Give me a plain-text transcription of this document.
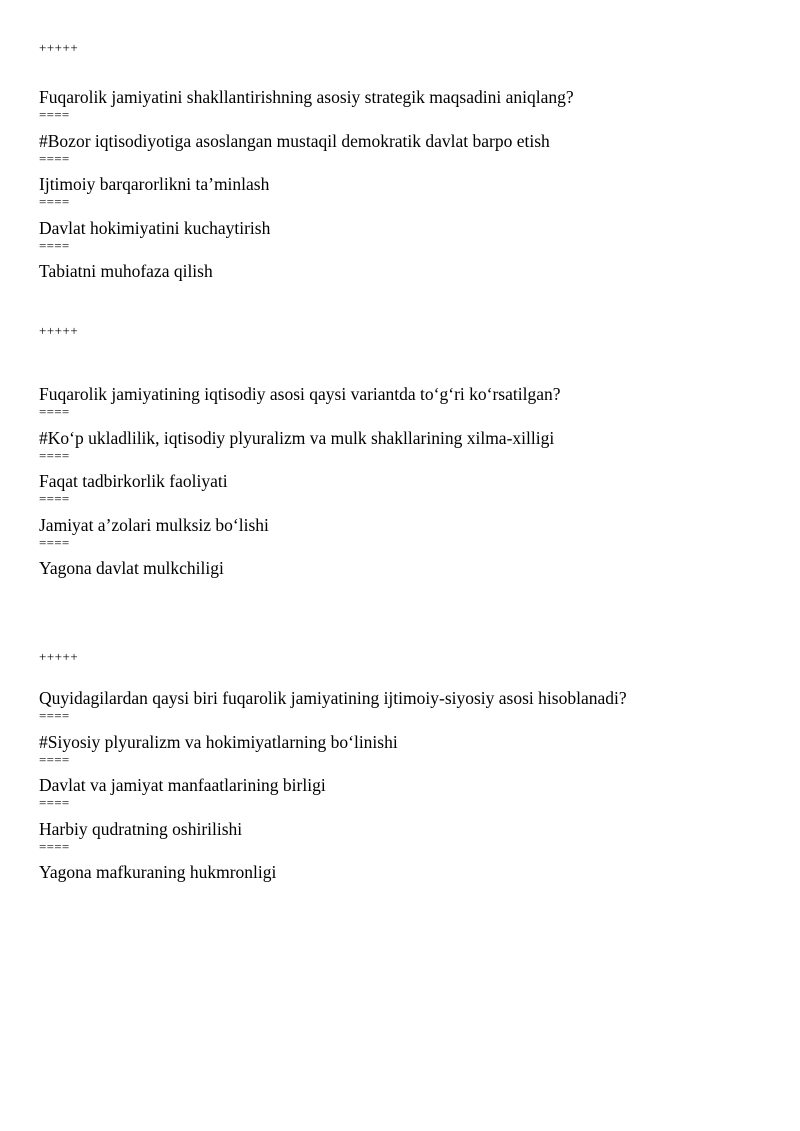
+++++
Fuqarolik jamiyatini shakllantirishning asosiy strategik maqsadini aniqlang?
====
#Bozor iqtisodiyotiga asoslangan mustaqil demokratik davlat barpo etish
====
Ijtimoiy barqarorlikni taʼminlash
====
Davlat hokimiyatini kuchaytirish
====
Tabiatni muhofaza qilish
+++++
Fuqarolik jamiyatining iqtisodiy asosi qaysi variantda toʻgʻri koʻrsatilgan?
====
#Koʻp ukladlilik, iqtisodiy plyuralizm va mulk shakllarining xilma-xilligi
====
Faqat tadbirkorlik faoliyati
====
Jamiyat aʼzolari mulksiz boʻlishi
====
Yagona davlat mulkchiligi
+++++
Quyidagilardan qaysi biri fuqarolik jamiyatining ijtimoiy-siyosiy asosi hisoblanadi?
====
#Siyosiy plyuralizm va hokimiyatlarning boʻlinishi
====
Davlat va jamiyat manfaatlarining birligi
====
Harbiy qudratning oshirilishi
====
Yagona mafkuraning hukmronligi
